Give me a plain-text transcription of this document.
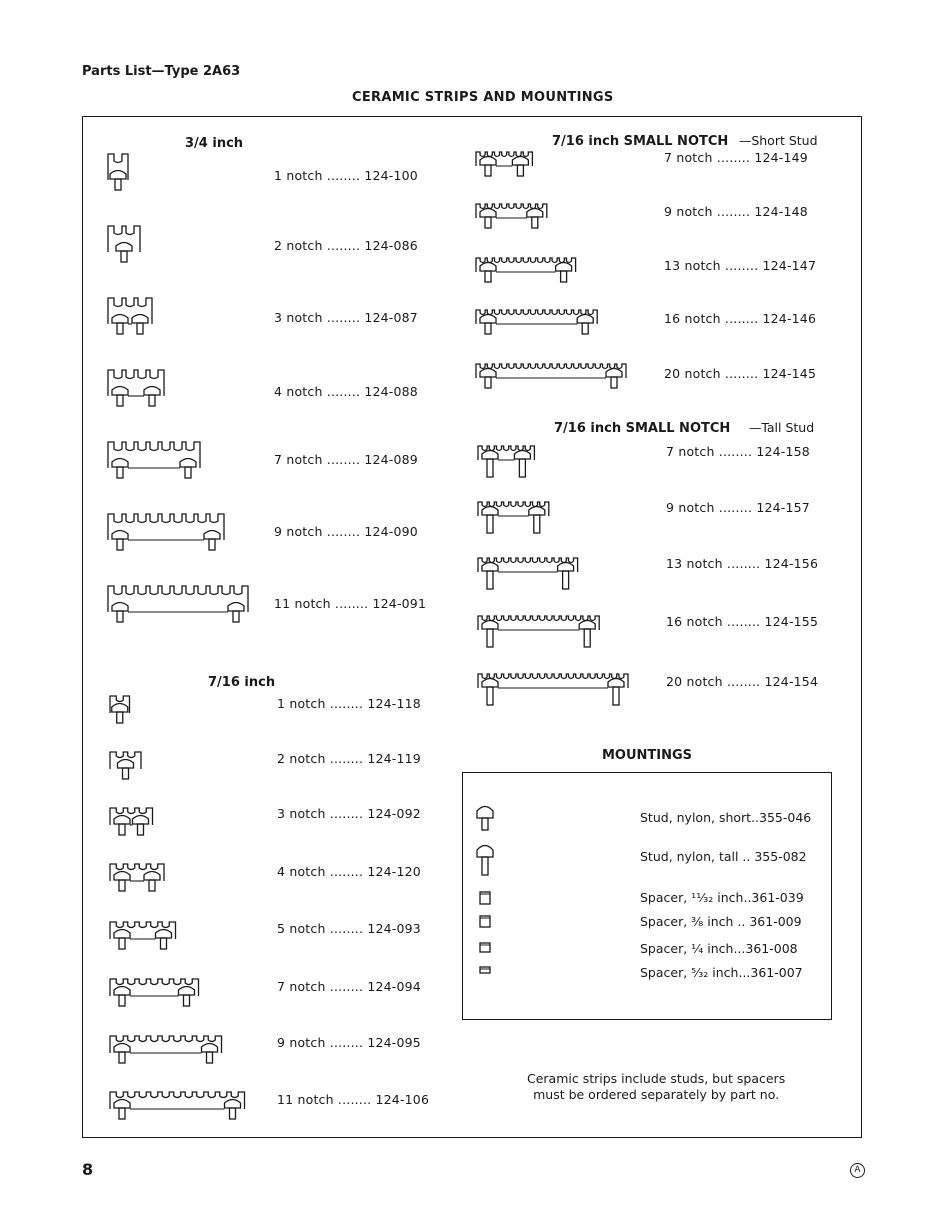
Parts List—Type 2A63
CERAMIC STRIPS AND MOUNTINGS
3/4 inch
7/16 inch
7/16 inch SMALL NOTCH —Short Stud
7/16 inch SMALL NOTCH —Tall Stud
1 notch ........ 124-100
2 notch ........ 124-086
3 notch ........ 124-087
4 notch ........ 124-088
7 notch ........ 124-089
9 notch ........ 124-090
11 notch ........ 124-091
1 notch ........ 124-118
2 notch ........ 124-119
3 notch ........ 124-092
4 notch ........ 124-120
5 notch ........ 124-093
7 notch ........ 124-094
9 notch ........ 124-095
11 notch ........ 124-106
7 notch ........ 124-149
9 notch ........ 124-148
13 notch ........ 124-147
16 notch ........ 124-146
20 notch ........ 124-145
7 notch ........ 124-158
9 notch ........ 124-157
13 notch ........ 124-156
16 notch ........ 124-155
20 notch ........ 124-154
MOUNTINGS
Stud, nylon, short..355-046
Stud, nylon, tall .. 355-082
Spacer, ¹¹⁄₃₂ inch..361-039
Spacer, ³⁄₈ inch .. 361-009
Spacer, ¹⁄₄ inch...361-008
Spacer, ⁵⁄₃₂ inch...361-007
Ceramic strips include studs, but spacers
must be ordered separately by part no.
8	A
